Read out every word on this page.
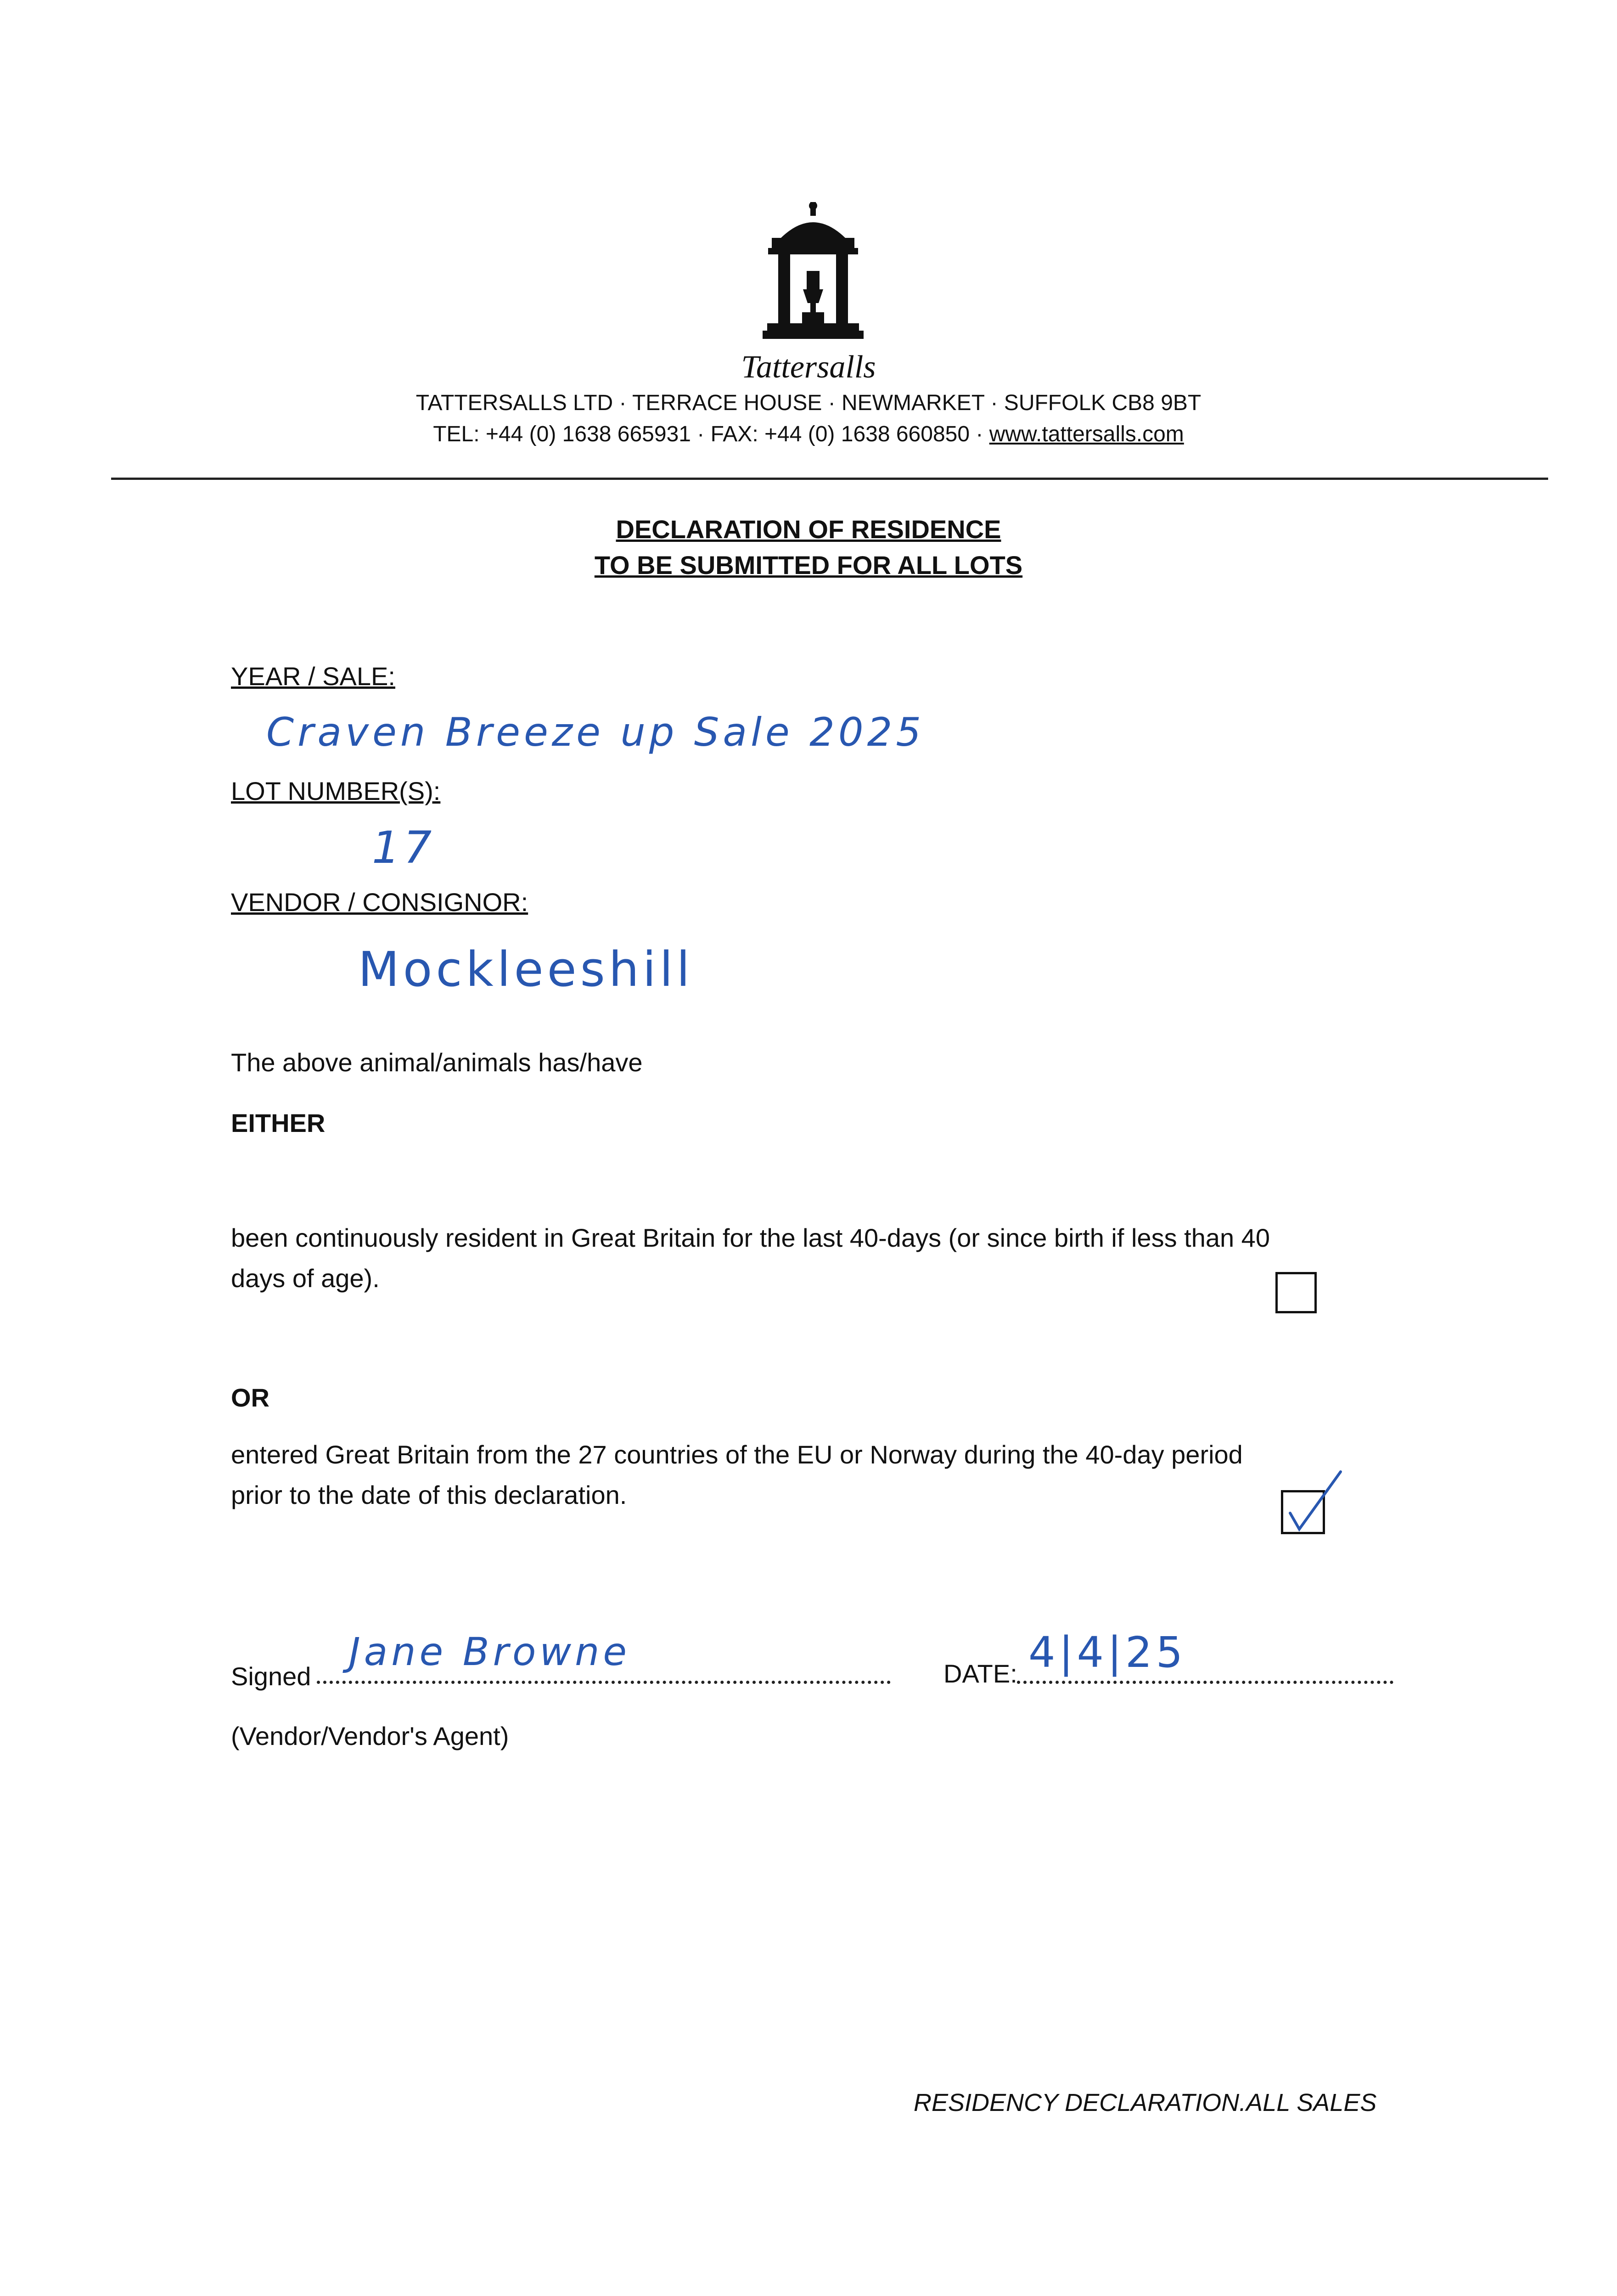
Tattersalls
TATTERSALLS LTD · TERRACE HOUSE · NEWMARKET · SUFFOLK CB8 9BT
TEL: +44 (0) 1638 665931 · FAX: +44 (0) 1638 660850 · www.tattersalls.com
DECLARATION OF RESIDENCE
TO BE SUBMITTED FOR ALL LOTS
YEAR / SALE:
Craven Breeze up Sale 2025
LOT NUMBER(S):
17
VENDOR / CONSIGNOR:
Mockleeshill
The above animal/animals has/have
EITHER
been continuously resident in Great Britain for the last 40-days (or since birth if less than 40
days of age).
OR
entered Great Britain from the 27 countries of the EU or Norway during the 40-day period
prior to the date of this declaration.
Signed
Jane Browne	DATE: 4|4|25
(Vendor/Vendor's Agent)
RESIDENCY DECLARATION.ALL SALES
